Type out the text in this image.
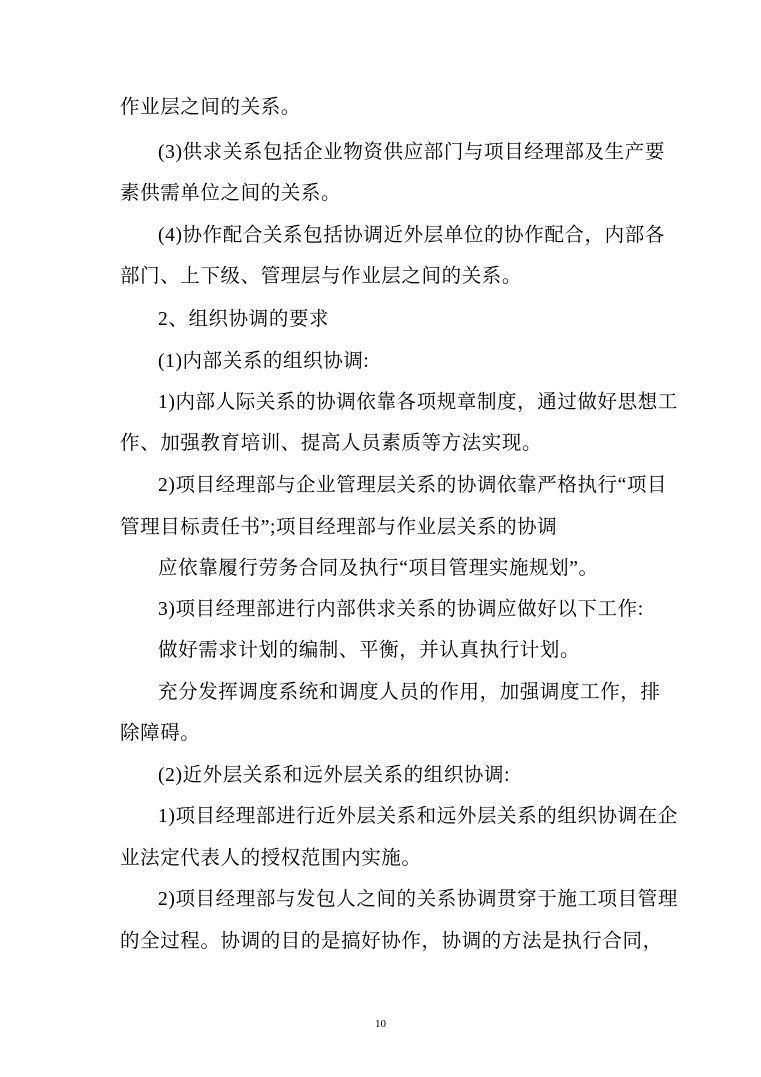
作业层之间的关系。
(3)供求关系包括企业物资供应部门与项目经理部及生产要
素供需单位之间的关系。
(4)协作配合关系包括协调近外层单位的协作配合，内部各
部门、上下级、管理层与作业层之间的关系。
2、组织协调的要求
(1)内部关系的组织协调:
1)内部人际关系的协调依靠各项规章制度，通过做好思想工
作、加强教育培训、提高人员素质等方法实现。
2)项目经理部与企业管理层关系的协调依靠严格执行“项目
管理目标责任书”;项目经理部与作业层关系的协调
应依靠履行劳务合同及执行“项目管理实施规划”。
3)项目经理部进行内部供求关系的协调应做好以下工作:
做好需求计划的编制、平衡，并认真执行计划。
充分发挥调度系统和调度人员的作用，加强调度工作，排
除障碍。
(2)近外层关系和远外层关系的组织协调:
1)项目经理部进行近外层关系和远外层关系的组织协调在企
业法定代表人的授权范围内实施。
2)项目经理部与发包人之间的关系协调贯穿于施工项目管理
的全过程。协调的目的是搞好协作，协调的方法是执行合同，
10
